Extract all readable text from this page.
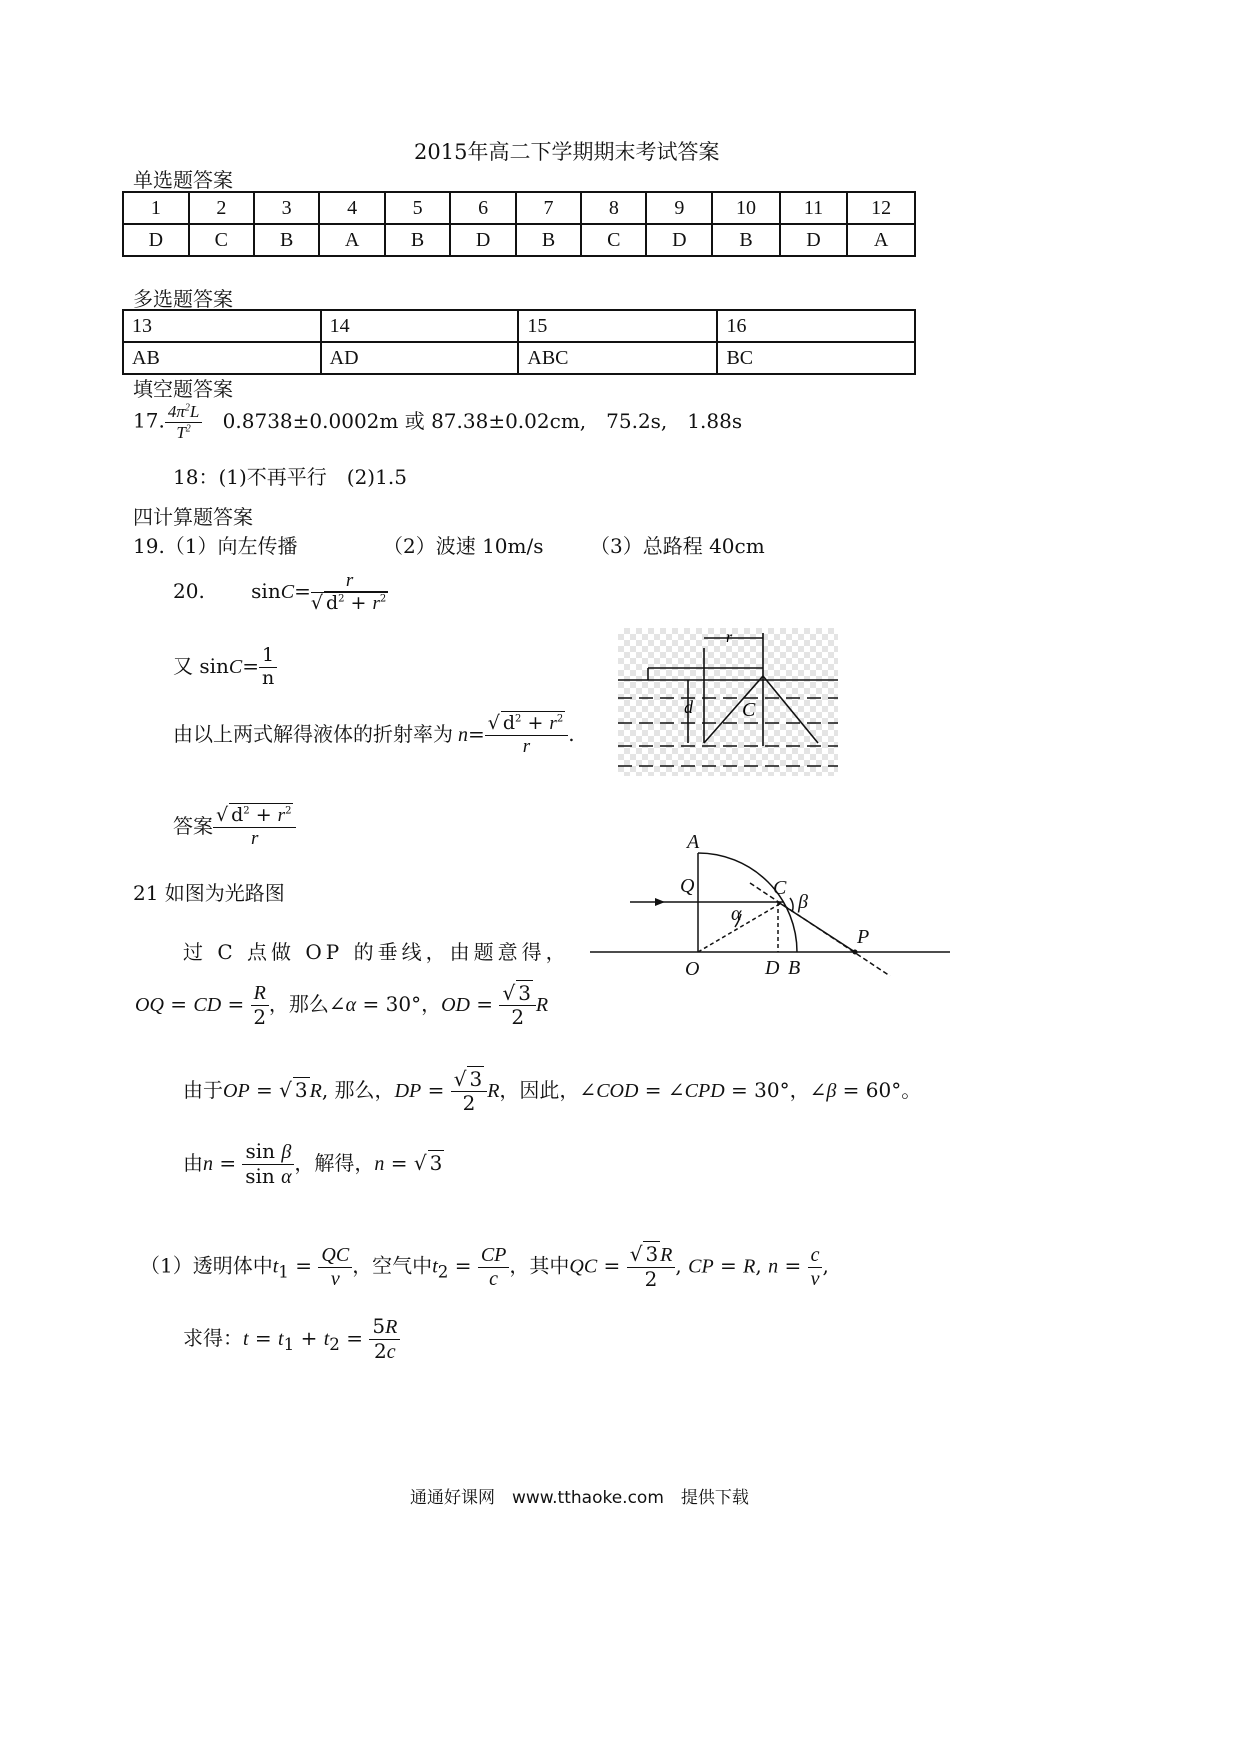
2015年高二下学期期末考试答案
单选题答案
1	2	3	4	5	6	7	8	9	10	11	12
D	C	B	A	B	D	B	C	D	B	D	A
多选题答案
13	14	15	16
AB	AD	ABC	BC
填空题答案
17. $\frac{4\pi^2L}{T^2} 0.8738\pm 0.0002m$ 或 87.38±0.02cm,　75.2s,　1.88s
18：(1)不再平行　(2)1.5
四计算题答案
19.（1）向左传播	（2）波速 10m/s （3）总路程 40cm
20. $\sin C= \frac{r}{√ d^2 + r^2}$
又 $\sin C= \frac{1}{n}$
由以上两式解得液体的折射率为 $n= \frac{√ d^2 + r^2}{r}$ .
答案 $\frac{√ d^2 + r^2}{r}$
r
d C
21 如图为光路图
过 C 点做 OP 的垂线，由题意得，
OQ = CD = $\frac{R}{2}$ ，那么∠α = 30°，OD = $\frac{√ 3}{2}$ R
由于OP = √ 3 R, 那么，DP = $\frac{√ 3}{2}$ R，因此，∠COD = ∠CPD = 30°，∠β = 60°。
由$n = \frac{\text{sin β}}{\text{sin α}}$ ，解得，n = √ 3
（1）透明体中$t_1 = \frac{QC}{v}$ ，空气中$t_2 = \frac{CP}{c}$ ，其中QC = $\frac{√ 3 R}{2}$ , CP = R, $n = \frac{c}{v}$ ,
求得：$t = t_1 + t_2 = \frac{5R}{2c}$
A
Q	C
α
β
P
O	D B
通通好课网　www.tthaoke.com　提供下载
